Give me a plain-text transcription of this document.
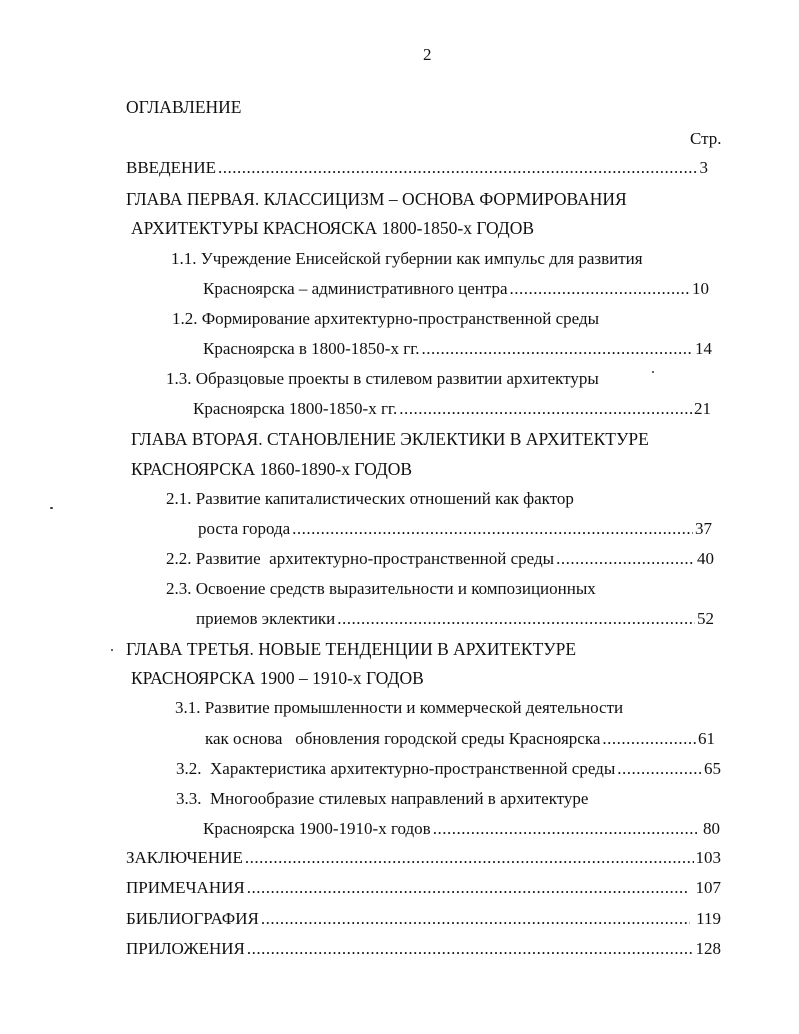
2
ОГЛАВЛЕНИЕ
Стр.
ВВЕДЕНИЕ .....	3
ГЛАВА ПЕРВАЯ. КЛАССИЦИЗМ – ОСНОВА ФОРМИРОВАНИЯ
АРХИТЕКТУРЫ КРАСНОЯСКА 1800-1850-х ГОДОВ
1.1. Учреждение Енисейской губернии как импульс для развития
Красноярска – административного центра .....	10
1.2. Формирование архитектурно-пространственной среды
Красноярска в 1800-1850-х гг. .....	14
1.3. Образцовые проекты в стилевом развитии архитектуры
Красноярска 1800-1850-х гг. .....	21
ГЛАВА ВТОРАЯ. СТАНОВЛЕНИЕ ЭКЛЕКТИКИ В АРХИТЕКТУРЕ
КРАСНОЯРСКА 1860-1890-х ГОДОВ
2.1. Развитие капиталистических отношений как фактор
роста города .....	37
2.2. Развитие  архитектурно-пространственной среды .....	40
2.3. Освоение средств выразительности и композиционных
приемов эклектики .....	52
ГЛАВА ТРЕТЬЯ. НОВЫЕ ТЕНДЕНЦИИ В АРХИТЕКТУРЕ
КРАСНОЯРСКА 1900 – 1910-х ГОДОВ
3.1. Развитие промышленности и коммерческой деятельности
как основа   обновления городской среды Красноярска .....	61
3.2.  Характеристика архитектурно-пространственной среды .....	65
3.3.  Многообразие стилевых направлений в архитектуре
Красноярска 1900-1910-х годов .....	80
ЗАКЛЮЧЕНИЕ .....	103
ПРИМЕЧАНИЯ .....	107
БИБЛИОГРАФИЯ .....	119
ПРИЛОЖЕНИЯ .....	128
